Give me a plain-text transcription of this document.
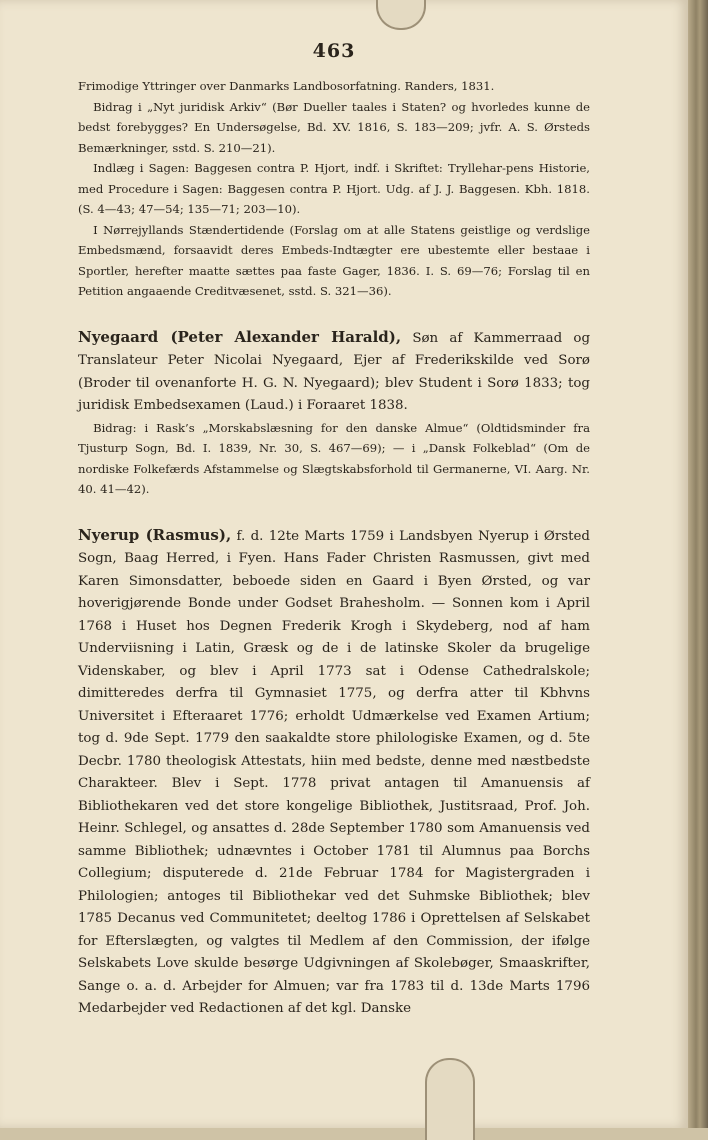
463

Frimodige Yttringer over Danmarks Landbosorfatning. Randers, 1831.

Bidrag i „Nyt juridisk Arkiv“ (Bør Dueller taales i Staten? og hvorledes kunne de bedst forebygges? En Undersøgelse, Bd. XV. 1816, S. 183—209; jvfr. A. S. Ørsteds Bemærkninger, sstd. S. 210—21).

Indlæg i Sagen: Baggesen contra P. Hjort, indf. i Skriftet: Tryllehar-pens Historie, med Procedure i Sagen: Baggesen contra P. Hjort. Udg. af J. J. Baggesen. Kbh. 1818. (S. 4—43; 47—54; 135—71; 203—10).

I Nørrejyllands Stændertidende (Forslag om at alle Statens geistlige og verdslige Embedsmænd, forsaavidt deres Embeds-Indtægter ere ubestemte eller bestaae i Sportler, herefter maatte sættes paa faste Gager, 1836. I. S. 69—76; Forslag til en Petition angaaende Creditvæsenet, sstd. S. 321—36).

Nyegaard (Peter Alexander Harald), Søn af Kammerraad og Translateur Peter Nicolai Nyegaard, Ejer af Frederikskilde ved Sorø (Broder til ovenanforte H. G. N. Nyegaard); blev Student i Sorø 1833; tog juridisk Embedsexamen (Laud.) i Foraaret 1838.

Bidrag: i Rask’s „Morskabslæsning for den danske Almue“ (Oldtidsminder fra Tjusturp Sogn, Bd. I. 1839, Nr. 30, S. 467—69); — i „Dansk Folkeblad“ (Om de nordiske Folkefærds Afstammelse og Slægtskabsforhold til Germanerne, VI. Aarg. Nr. 40. 41—42).

Nyerup (Rasmus), f. d. 12te Marts 1759 i Landsbyen Nyerup i Ørsted Sogn, Baag Herred, i Fyen. Hans Fader Christen Rasmussen, givt med Karen Simonsdatter, beboede siden en Gaard i Byen Ørsted, og var hoverigjørende Bonde under Godset Brahesholm. — Sonnen kom i April 1768 i Huset hos Degnen Frederik Krogh i Skydeberg, nod af ham Underviisning i Latin, Græsk og de i de latinske Skoler da brugelige Videnskaber, og blev i April 1773 sat i Odense Cathedralskole; dimitteredes derfra til Gymnasiet 1775, og derfra atter til Kbhvns Universitet i Efteraaret 1776; erholdt Udmærkelse ved Examen Artium; tog d. 9de Sept. 1779 den saakaldte store philologiske Examen, og d. 5te Decbr. 1780 theologisk Attestats, hiin med bedste, denne med næstbedste Charakteer. Blev i Sept. 1778 privat antagen til Amanuensis af Bibliothekaren ved det store kongelige Bibliothek, Justitsraad, Prof. Joh. Heinr. Schlegel, og ansattes d. 28de September 1780 som Amanuensis ved samme Bibliothek; udnævntes i October 1781 til Alumnus paa Borchs Collegium; disputerede d. 21de Februar 1784 for Magistergraden i Philologien; antoges til Bibliothekar ved det Suhmske Bibliothek; blev 1785 Decanus ved Communitetet; deeltog 1786 i Oprettelsen af Selskabet for Efterslægten, og valgtes til Medlem af den Commission, der ifølge Selskabets Love skulde besørge Udgivningen af Skolebøger, Smaaskrifter, Sange o. a. d. Arbejder for Almuen; var fra 1783 til d. 13de Marts 1796 Medarbejder ved Redactionen af det kgl. Danske
